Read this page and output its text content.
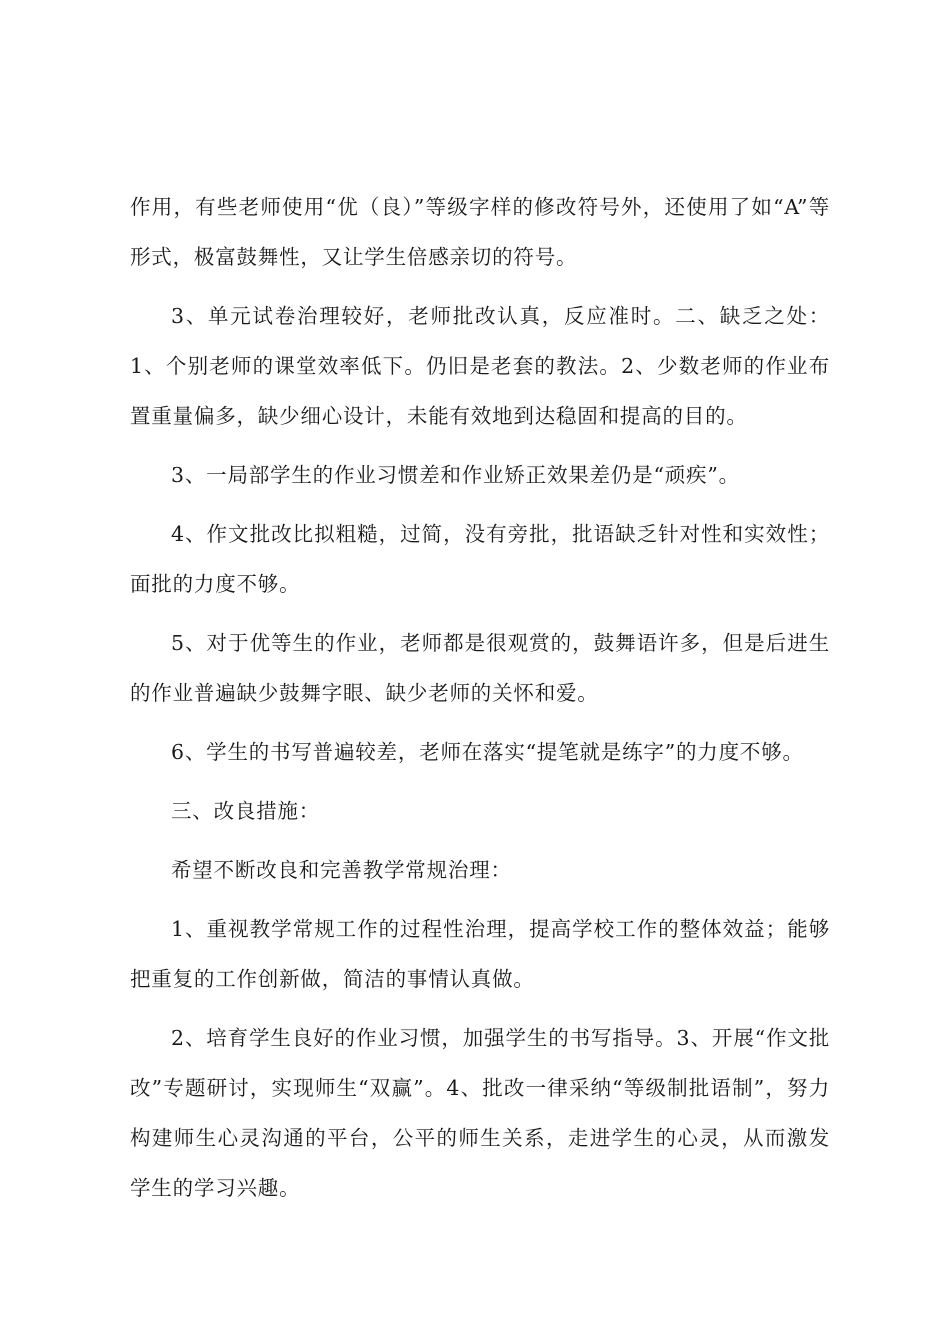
作用，有些老师使用“优（良）”等级字样的修改符号外，还使用了如“A”等形式，极富鼓舞性，又让学生倍感亲切的符号。

3、单元试卷治理较好，老师批改认真，反应准时。二、缺乏之处：1、个别老师的课堂效率低下。仍旧是老套的教法。2、少数老师的作业布置重量偏多，缺少细心设计，未能有效地到达稳固和提高的目的。

3、一局部学生的作业习惯差和作业矫正效果差仍是“顽疾”。

4、作文批改比拟粗糙，过简，没有旁批，批语缺乏针对性和实效性；面批的力度不够。

5、对于优等生的作业，老师都是很观赏的，鼓舞语许多，但是后进生的作业普遍缺少鼓舞字眼、缺少老师的关怀和爱。

6、学生的书写普遍较差，老师在落实“提笔就是练字”的力度不够。

三、改良措施：

希望不断改良和完善教学常规治理：

1、重视教学常规工作的过程性治理，提高学校工作的整体效益；能够把重复的工作创新做，简洁的事情认真做。

2、培育学生良好的作业习惯，加强学生的书写指导。3、开展“作文批改”专题研讨，实现师生“双赢”。4、批改一律采纳“等级制批语制”，努力构建师生心灵沟通的平台，公平的师生关系，走进学生的心灵，从而激发学生的学习兴趣。
